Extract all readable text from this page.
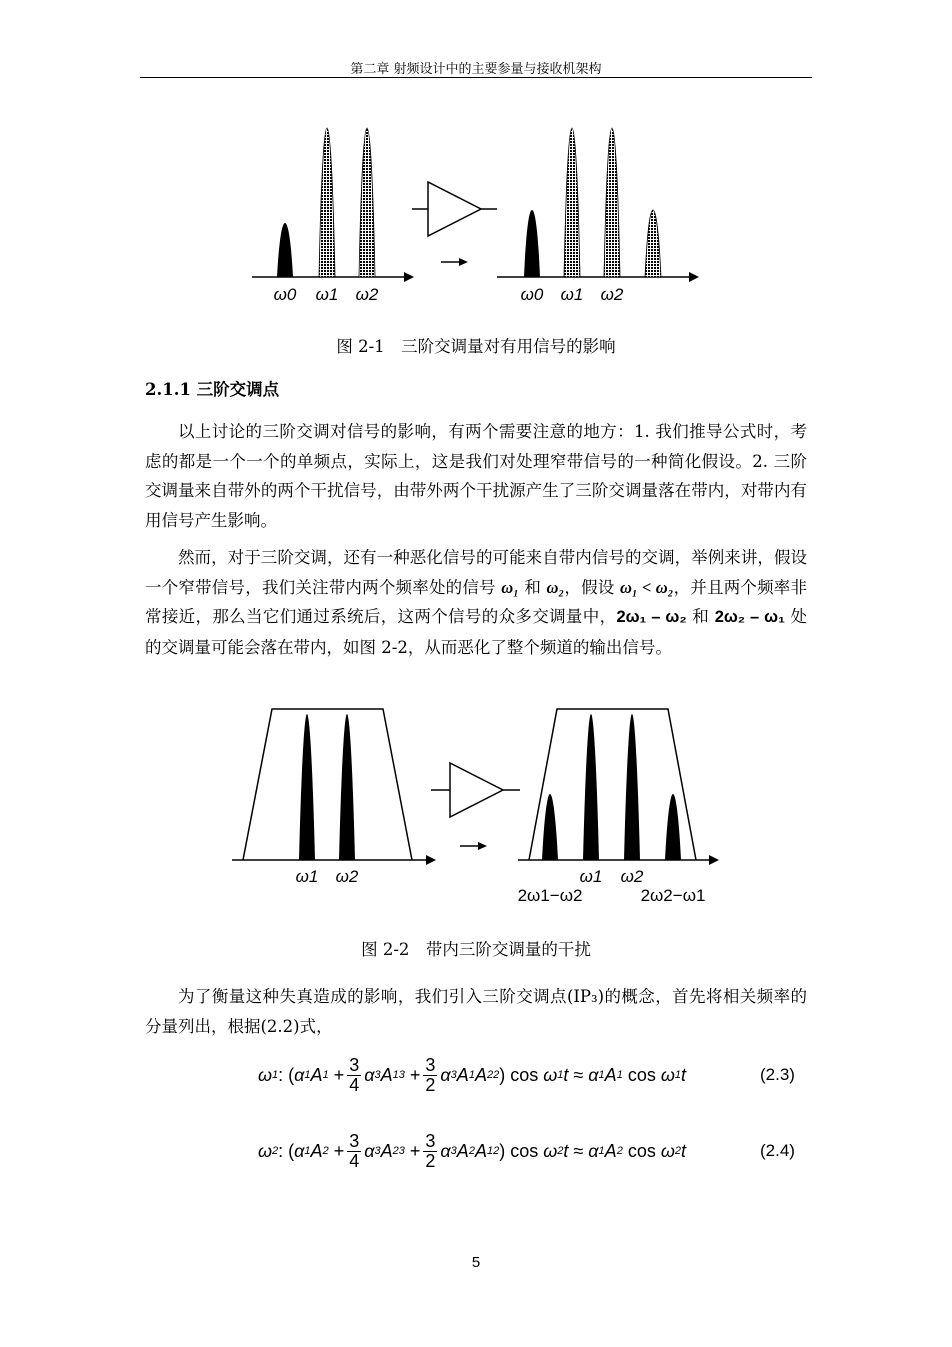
第二章 射频设计中的主要参量与接收机架构
ω0 ω1 ω2	ω0 ω1 ω2
图 2-1　三阶交调量对有用信号的影响
2.1.1 三阶交调点

以上讨论的三阶交调对信号的影响，有两个需要注意的地方：1. 我们推导公式时，考虑的都是一个一个的单频点，实际上，这是我们对处理窄带信号的一种简化假设。2. 三阶交调量来自带外的两个干扰信号，由带外两个干扰源产生了三阶交调量落在带内，对带内有用信号产生影响。

然而，对于三阶交调，还有一种恶化信号的可能来自带内信号的交调，举例来讲，假设一个窄带信号，我们关注带内两个频率处的信号 ω₁ 和 ω₂，假设 ω₁ < ω₂，并且两个频率非常接近，那么当它们通过系统后，这两个信号的众多交调量中，2ω₁ – ω₂ 和 2ω₂ – ω₁ 处的交调量可能会落在带内，如图 2-2，从而恶化了整个频道的输出信号。

ω1 ω2	ω1 ω2
2ω1−ω2	2ω2−ω1
图 2-2　带内三阶交调量的干扰

为了衡量这种失真造成的影响，我们引入三阶交调点(IP₃)的概念，首先将相关频率的分量列出，根据(2.2)式，

ω 1 : ( α 1 A $1 + \frac{3}{4}$ α 3 A 1 $3 + \frac{3}{2}$ α 3 A 1 A 2 2 ) cos ω 1 t ≈ α 1 A 1 cos ω 1 t	(2.3)
ω 2 : ( α 1 A $2 + \frac{3}{4}$ α 3 A 2 $3 + \frac{3}{2}$ α 3 A 2 A 1 2 ) cos ω 2 t ≈ α 1 A 2 cos ω 2 t	(2.4)
5
